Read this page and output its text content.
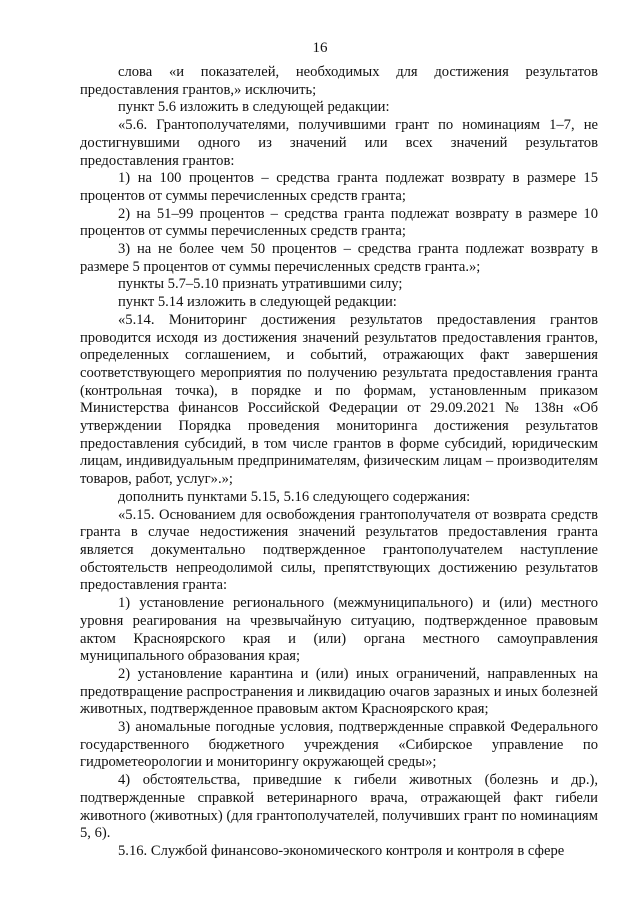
16

слова «и показателей, необходимых для достижения результатов предоставления грантов,» исключить;

пункт 5.6 изложить в следующей редакции:

«5.6. Грантополучателями, получившими грант по номинациям 1–7, не достигнувшими одного из значений или всех значений результатов предоставления грантов:

1) на 100 процентов – средства гранта подлежат возврату в размере 15 процентов от суммы перечисленных средств гранта;

2) на 51–99 процентов – средства гранта подлежат возврату в размере 10 процентов от суммы перечисленных средств гранта;

3) на не более чем 50 процентов – средства гранта подлежат возврату в размере 5 процентов от суммы перечисленных средств гранта.»;

пункты 5.7–5.10 признать утратившими силу;

пункт 5.14 изложить в следующей редакции:

«5.14. Мониторинг достижения результатов предоставления грантов проводится исходя из достижения значений результатов предоставления грантов, определенных соглашением, и событий, отражающих факт завершения соответствующего мероприятия по получению результата предоставления гранта (контрольная точка), в порядке и по формам, установленным приказом Министерства финансов Российской Федерации от 29.09.2021 № 138н «Об утверждении Порядка проведения мониторинга достижения результатов предоставления субсидий, в том числе грантов в форме субсидий, юридическим лицам, индивидуальным предпринимателям, физическим лицам – производителям товаров, работ, услуг».»;

дополнить пунктами 5.15, 5.16 следующего содержания:

«5.15. Основанием для освобождения грантополучателя от возврата средств гранта в случае недостижения значений результатов предоставления гранта является документально подтвержденное грантополучателем наступление обстоятельств непреодолимой силы, препятствующих достижению результатов предоставления гранта:

1) установление регионального (межмуниципального) и (или) местного уровня реагирования на чрезвычайную ситуацию, подтвержденное правовым актом Красноярского края и (или) органа местного самоуправления муниципального образования края;

2) установление карантина и (или) иных ограничений, направленных на предотвращение распространения и ликвидацию очагов заразных и иных болезней животных, подтвержденное правовым актом Красноярского края;

3) аномальные погодные условия, подтвержденные справкой Федерального государственного бюджетного учреждения «Сибирское управление по гидрометеорологии и мониторингу окружающей среды»;

4) обстоятельства, приведшие к гибели животных (болезнь и др.), подтвержденные справкой ветеринарного врача, отражающей факт гибели животного (животных) (для грантополучателей, получивших грант по номинациям 5, 6).

5.16. Службой финансово-экономического контроля и контроля в сфере
